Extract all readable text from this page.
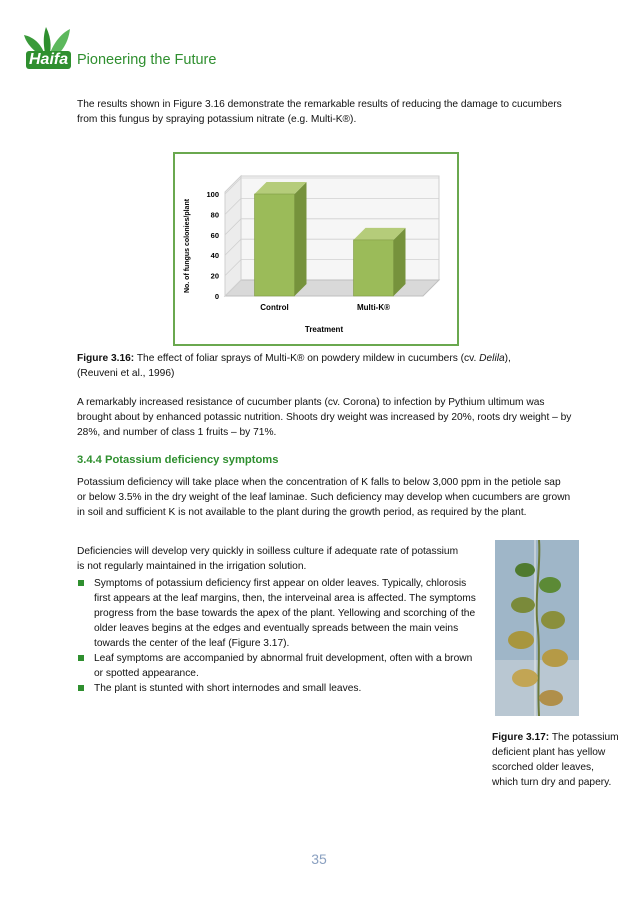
Haifa Pioneering the Future

The results shown in Figure 3.16 demonstrate the remarkable results of reducing the damage to cucumbers from this fungus by spraying potassium nitrate (e.g. Multi-K®).

0
20
40
60
80
100
Control	Multi-K®
Treatment
No. of fungus colonies/plant
Figure 3.16: The effect of foliar sprays of Multi-K® on powdery mildew in cucumbers (cv. Delila),
(Reuveni et al., 1996)

A remarkably increased resistance of cucumber plants (cv. Corona) to infection by Pythium ultimum was brought about by enhanced potassic nutrition. Shoots dry weight was increased by 20%, roots dry weight – by 28%, and number of class 1 fruits – by 71%.

3.4.4 Potassium deficiency symptoms

Potassium deficiency will take place when the concentration of K falls to below 3,000 ppm in the petiole sap or below 3.5% in the dry weight of the leaf laminae. Such deficiency may develop when cucumbers are grown in soil and sufficient K is not available to the plant during the growth period, as required by the plant.

Deficiencies will develop very quickly in soilless culture if adequate rate of potassium is not regularly maintained in the irrigation solution.

Symptoms of potassium deficiency first appear on older leaves. Typically, chlorosis first appears at the leaf margins, then, the interveinal area is affected. The symptoms progress from the base towards the apex of the plant. Yellowing and scorching of the older leaves begins at the edges and eventually spreads between the main veins towards the center of the leaf (Figure 3.17).
Leaf symptoms are accompanied by abnormal fruit development, often with a brown or spotted appearance.
The plant is stunted with short internodes and small leaves.
Figure 3.17: The potassium deficient plant has yellow scorched older leaves, which turn dry and papery.
35
